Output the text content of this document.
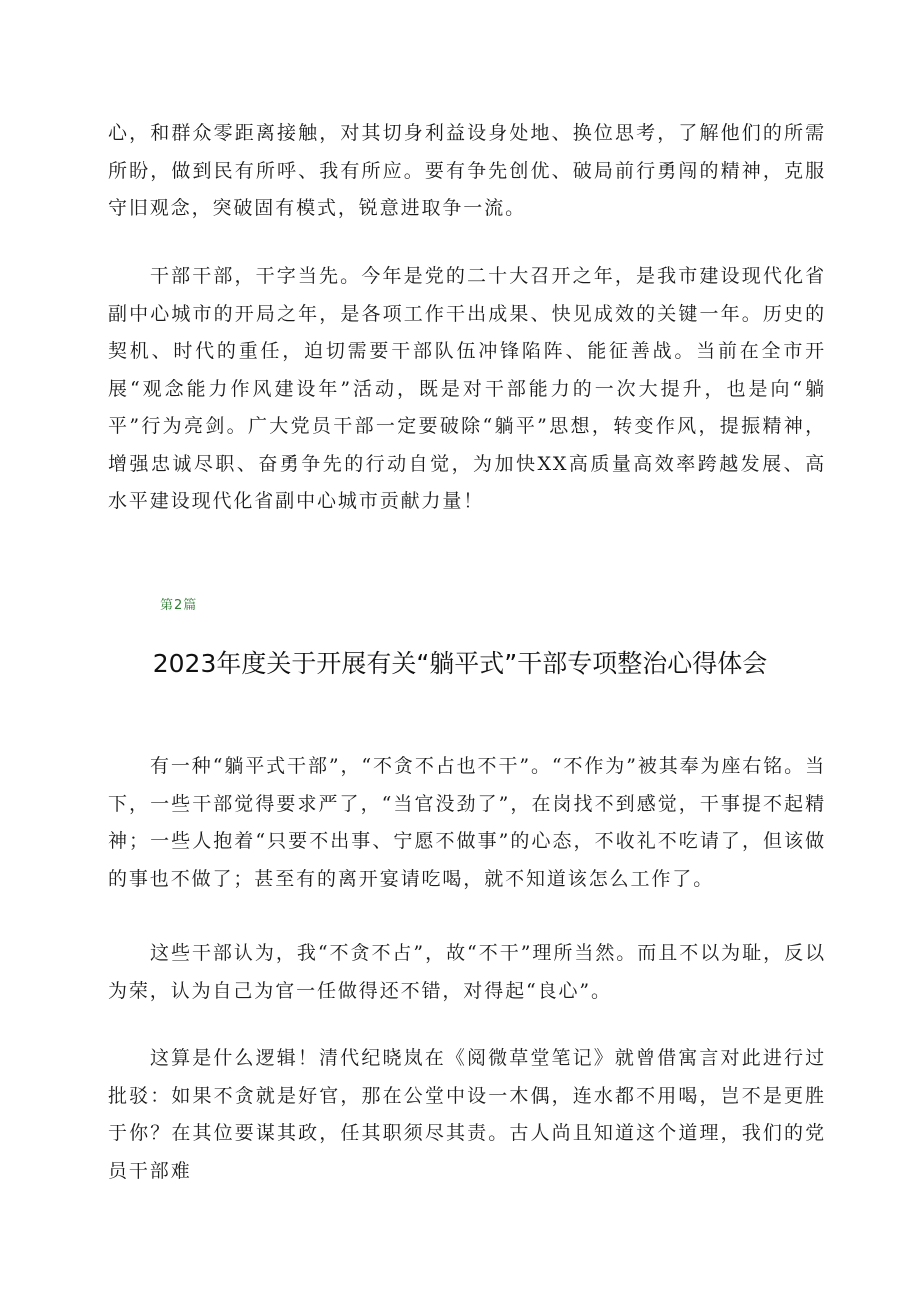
心，和群众零距离接触，对其切身利益设身处地、换位思考，了解他们的所需所盼，做到民有所呼、我有所应。要有争先创优、破局前行勇闯的精神，克服守旧观念，突破固有模式，锐意进取争一流。

干部干部，干字当先。今年是党的二十大召开之年，是我市建设现代化省副中心城市的开局之年，是各项工作干出成果、快见成效的关键一年。历史的契机、时代的重任，迫切需要干部队伍冲锋陷阵、能征善战。当前在全市开展“观念能力作风建设年”活动，既是对干部能力的一次大提升，也是向“躺平”行为亮剑。广大党员干部一定要破除“躺平”思想，转变作风，提振精神，增强忠诚尽职、奋勇争先的行动自觉，为加快XX高质量高效率跨越发展、高水平建设现代化省副中心城市贡献力量！

第2篇
2023年度关于开展有关“躺平式”干部专项整治心得体会

有一种“躺平式干部”，“不贪不占也不干”。“不作为”被其奉为座右铭。当下，一些干部觉得要求严了，“当官没劲了”，在岗找不到感觉，干事提不起精神；一些人抱着“只要不出事、宁愿不做事”的心态，不收礼不吃请了，但该做的事也不做了；甚至有的离开宴请吃喝，就不知道该怎么工作了。

这些干部认为，我“不贪不占”，故“不干”理所当然。而且不以为耻，反以为荣，认为自己为官一任做得还不错，对得起“良心”。

这算是什么逻辑！清代纪晓岚在《阅微草堂笔记》就曾借寓言对此进行过批驳：如果不贪就是好官，那在公堂中设一木偶，连水都不用喝，岂不是更胜于你？在其位要谋其政，任其职须尽其责。古人尚且知道这个道理，我们的党员干部难
